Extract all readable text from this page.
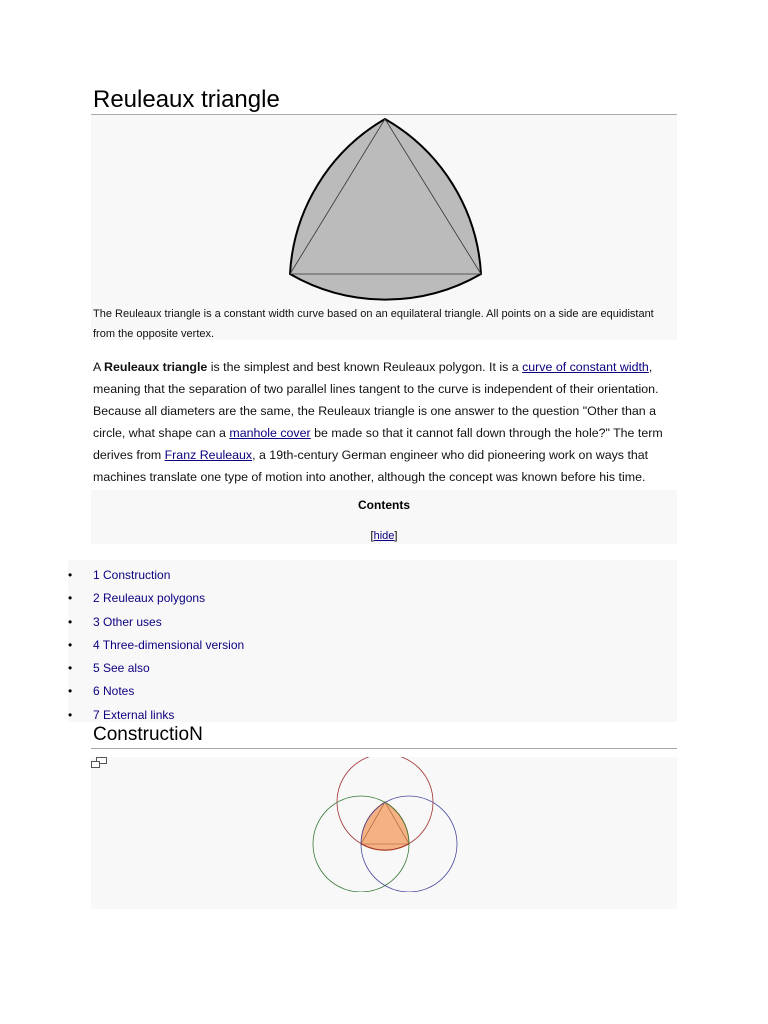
Reuleaux triangle
The Reuleaux triangle is a constant width curve based on an equilateral triangle. All points on a side are equidistant from the opposite vertex.
A Reuleaux triangle is the simplest and best known Reuleaux polygon. It is a curve of constant width, meaning that the separation of two parallel lines tangent to the curve is independent of their orientation. Because all diameters are the same, the Reuleaux triangle is one answer to the question "Other than a circle, what shape can a manhole cover be made so that it cannot fall down through the hole?" The term derives from Franz Reuleaux, a 19th-century German engineer who did pioneering work on ways that machines translate one type of motion into another, although the concept was known before his time.
Contents
[hide]
• 1 Construction
• 2 Reuleaux polygons
• 3 Other uses
• 4 Three-dimensional version
• 5 See also
• 6 Notes
• 7 External links
ConstructioN
